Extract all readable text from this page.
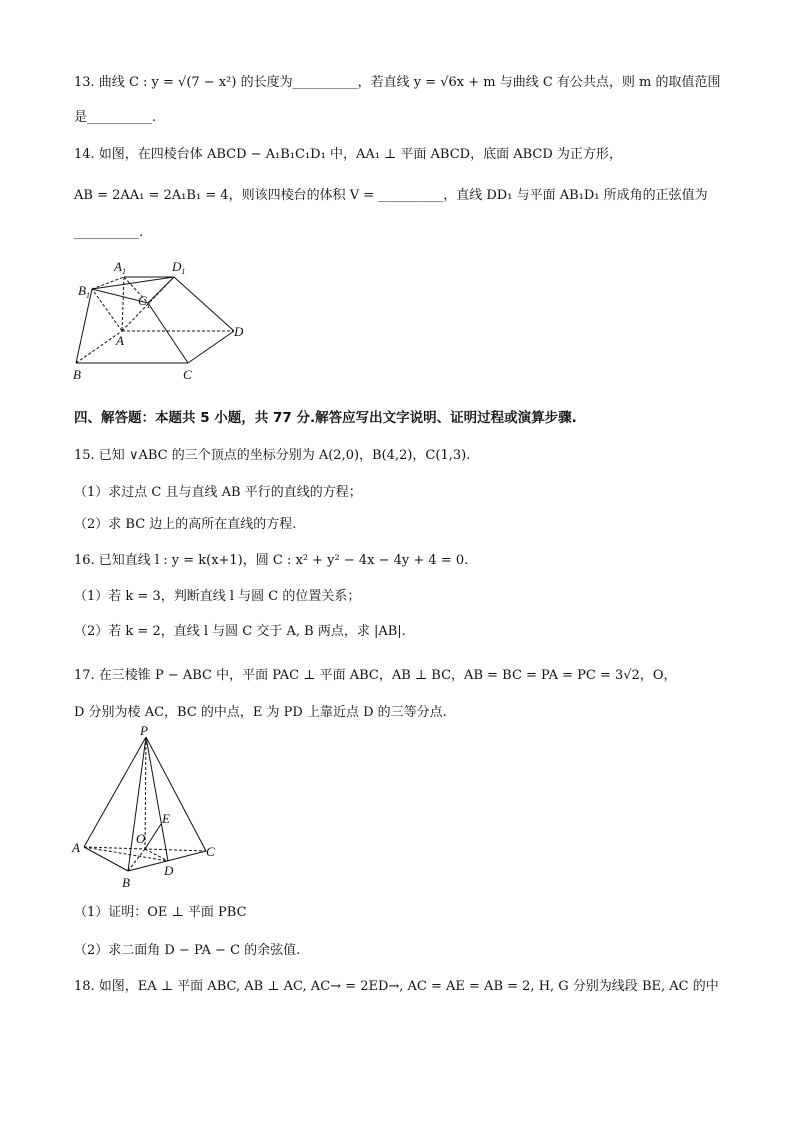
13. 曲线 C : y = √(7 − x²) 的长度为__________，若直线 y = √6x + m 与曲线 C 有公共点，则 m 的取值范围
是__________.
14. 如图，在四棱台体 ABCD − A₁B₁C₁D₁ 中，AA₁ ⊥ 平面 ABCD，底面 ABCD 为正方形，
AB = 2AA₁ = 2A₁B₁ = 4，则该四棱台的体积 V = __________，直线 DD₁ 与平面 AB₁D₁ 所成角的正弦值为
__________.
$A_1$	$D_1$
$B_1$	$C_1$
A
B	C
D
四、解答题：本题共 5 小题，共 77 分.解答应写出文字说明、证明过程或演算步骤.
15. 已知 ∨ABC 的三个顶点的坐标分别为 A(2,0)，B(4,2)，C(1,3).
（1）求过点 C 且与直线 AB 平行的直线的方程；
（2）求 BC 边上的高所在直线的方程.
16. 已知直线 l : y = k(x+1)，圆 C : x² + y² − 4x − 4y + 4 = 0.
（1）若 k = 3，判断直线 l 与圆 C 的位置关系；
（2）若 k = 2，直线 l 与圆 C 交于 A, B 两点，求 |AB|.
17. 在三棱锥 P − ABC 中，平面 PAC ⊥ 平面 ABC，AB ⊥ BC，AB = BC = PA = PC = 3√2，O，
D 分别为棱 AC，BC 的中点，E 为 PD 上靠近点 D 的三等分点.
P
A
B
C
D
E
O
（1）证明：OE ⊥ 平面 PBC
（2）求二面角 D − PA − C 的余弦值.
18. 如图，EA ⊥ 平面 ABC, AB ⊥ AC, AC→ = 2ED→, AC = AE = AB = 2, H, G 分别为线段 BE, AC 的中
